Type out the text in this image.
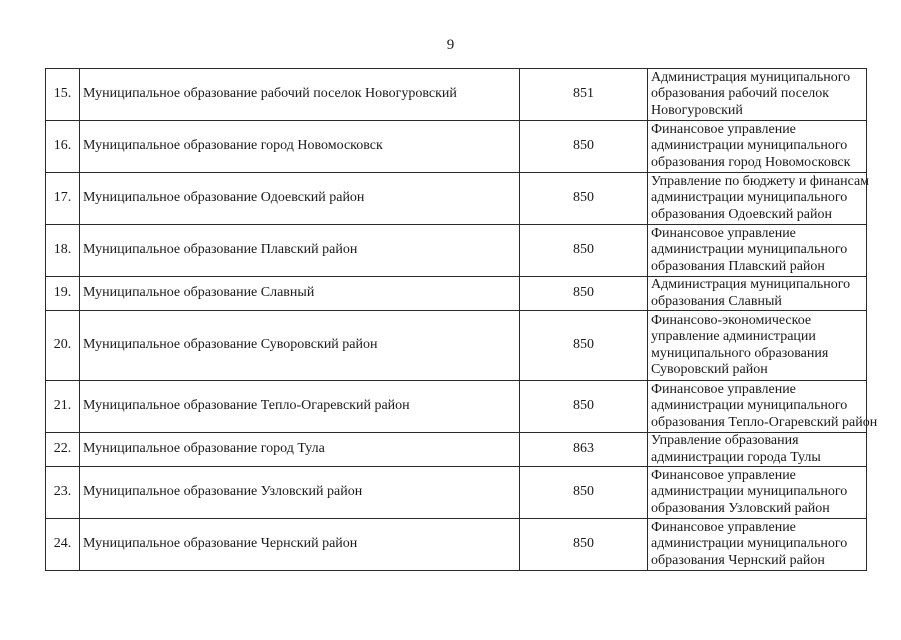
9
15.	Муниципальное образование рабочий поселок Новогуровский	851	Администрация муниципального
образования рабочий поселок
Новогуровский

16.	Муниципальное образование город Новомосковск	850	Финансовое управление
администрации муниципального
образования город Новомосковск

17.	Муниципальное образование Одоевский район	850	Управление по бюджету и финансам
администрации муниципального
образования Одоевский район

18.	Муниципальное образование Плавский район	850	Финансовое управление
администрации муниципального
образования Плавский район

19.	Муниципальное образование Славный	850	Администрация муниципального
образования Славный

20.	Муниципальное образование Суворовский район	850	Финансово-экономическое
управление администрации
муниципального образования
Суворовский район

21.	Муниципальное образование Тепло-Огаревский район	850	Финансовое управление
администрации муниципального
образования Тепло-Огаревский район

22.	Муниципальное образование город Тула	863	Управление образования
администрации города Тулы

23.	Муниципальное образование Узловский район	850	Финансовое управление
администрации муниципального
образования Узловский район

24.	Муниципальное образование Чернский район	850	Финансовое управление
администрации муниципального
образования Чернский район
